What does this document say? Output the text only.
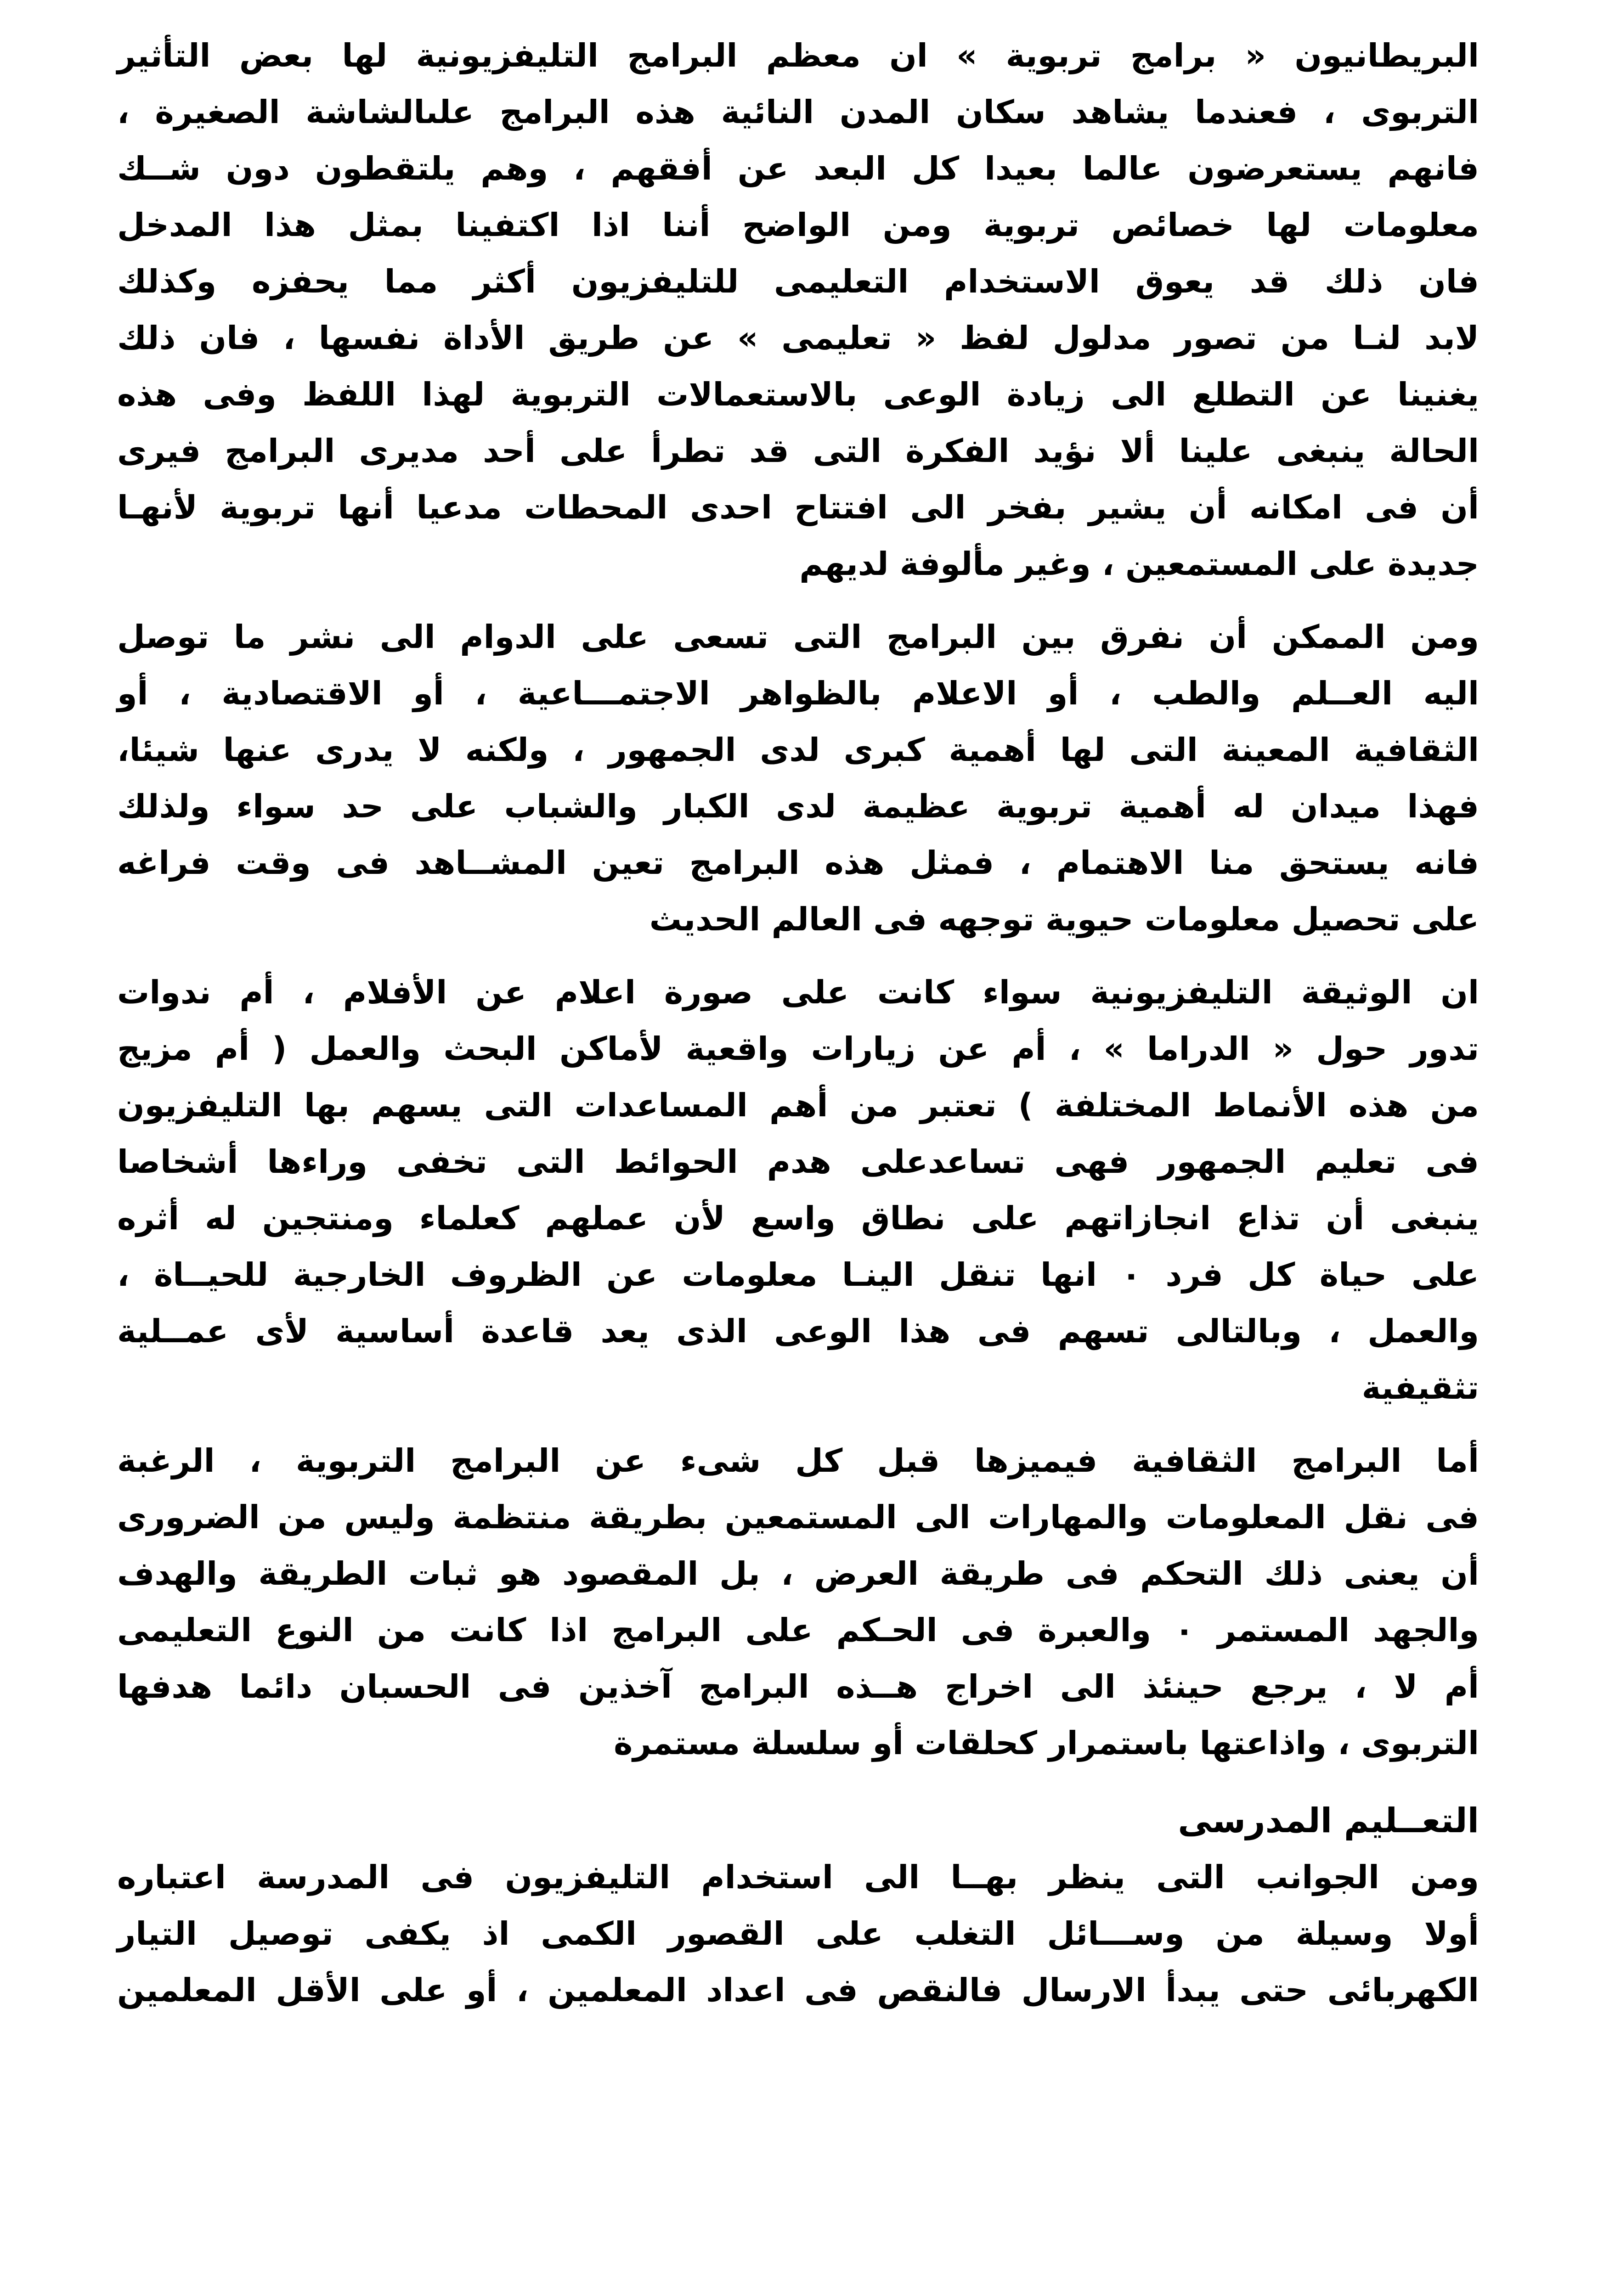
البريطانيون « برامج تربوية » ان معظم البرامج التليفزيونية لها بعض التأثير
التربوى ، فعندما يشاهد سكان المدن النائية هذه البرامج علىالشاشة الصغيرة ،
فانهم يستعرضون عالما بعيدا كل البعد عن أفقهم ، وهم يلتقطون دون شــك
معلومات لها خصائص تربوية ومن الواضح أننا اذا اكتفينا بمثل هذا المدخل
فان ذلك قد يعوق الاستخدام التعليمى للتليفزيون أكثر مما يحفزه وكذلك
لابد لنـا من تصور مدلول لفظ « تعليمى » عن طريق الأداة نفسها ، فان ذلك
يغنينا عن التطلع الى زيادة الوعى بالاستعمالات التربوية لهذا اللفظ وفى هذه
الحالة ينبغى علينا ألا نؤيد الفكرة التى قد تطرأ على أحد مديرى البرامج فيرى
أن فى امكانه أن يشير بفخر الى افتتاح احدى المحطات مدعيا أنها تربوية لأنهـا
جديدة على المستمعين ، وغير مألوفة لديهم
ومن الممكن أن نفرق بين البرامج التى تسعى على الدوام الى نشر ما توصل
اليه العــلم والطب ، أو الاعلام بالظواهر الاجتمـــاعية ، أو الاقتصادية ، أو
الثقافية المعينة التى لها أهمية كبرى لدى الجمهور ، ولكنه لا يدرى عنها شيئا،
فهذا ميدان له أهمية تربوية عظيمة لدى الكبار والشباب على حد سواء ولذلك
فانه يستحق منا الاهتمام ، فمثل هذه البرامج تعين المشــاهد فى وقت فراغه
على تحصيل معلومات حيوية توجهه فى العالم الحديث
ان الوثيقة التليفزيونية سواء كانت على صورة اعلام عن الأفلام ، أم ندوات
تدور حول « الدراما » ، أم عن زيارات واقعية لأماكن البحث والعمل ( أم مزيج
من هذه الأنماط المختلفة ) تعتبر من أهم المساعدات التى يسهم بها التليفزيون
فى تعليم الجمهور فهى تساعدعلى هدم الحوائط التى تخفى وراءها أشخاصا
ينبغى أن تذاع انجازاتهم على نطاق واسع لأن عملهم كعلماء ومنتجين له أثره
على حياة كل فرد ٠ انها تنقل الينـا معلومات عن الظروف الخارجية للحيــاة ،
والعمل ، وبالتالى تسهم فى هذا الوعى الذى يعد قاعدة أساسية لأى عمــلية
تثقيفية
أما البرامج الثقافية فيميزها قبل كل شىء عن البرامج التربوية ، الرغبة
فى نقل المعلومات والمهارات الى المستمعين بطريقة منتظمة وليس من الضرورى
أن يعنى ذلك التحكم فى طريقة العرض ، بل المقصود هو ثبات الطريقة والهدف
والجهد المستمر ٠ والعبرة فى الحـكم على البرامج اذا كانت من النوع التعليمى
أم لا ، يرجع حينئذ الى اخراج هــذه البرامج آخذين فى الحسبان دائما هدفها
التربوى ، واذاعتها باستمرار كحلقات أو سلسلة مستمرة
التعــليم المدرسى
ومن الجوانب التى ينظر بهــا الى استخدام التليفزيون فى المدرسة اعتباره
أولا وسيلة من وســـائل التغلب على القصور الكمى اذ يكفى توصيل التيار
الكهربائى حتى يبدأ الارسال فالنقص فى اعداد المعلمين ، أو على الأقل المعلمين
